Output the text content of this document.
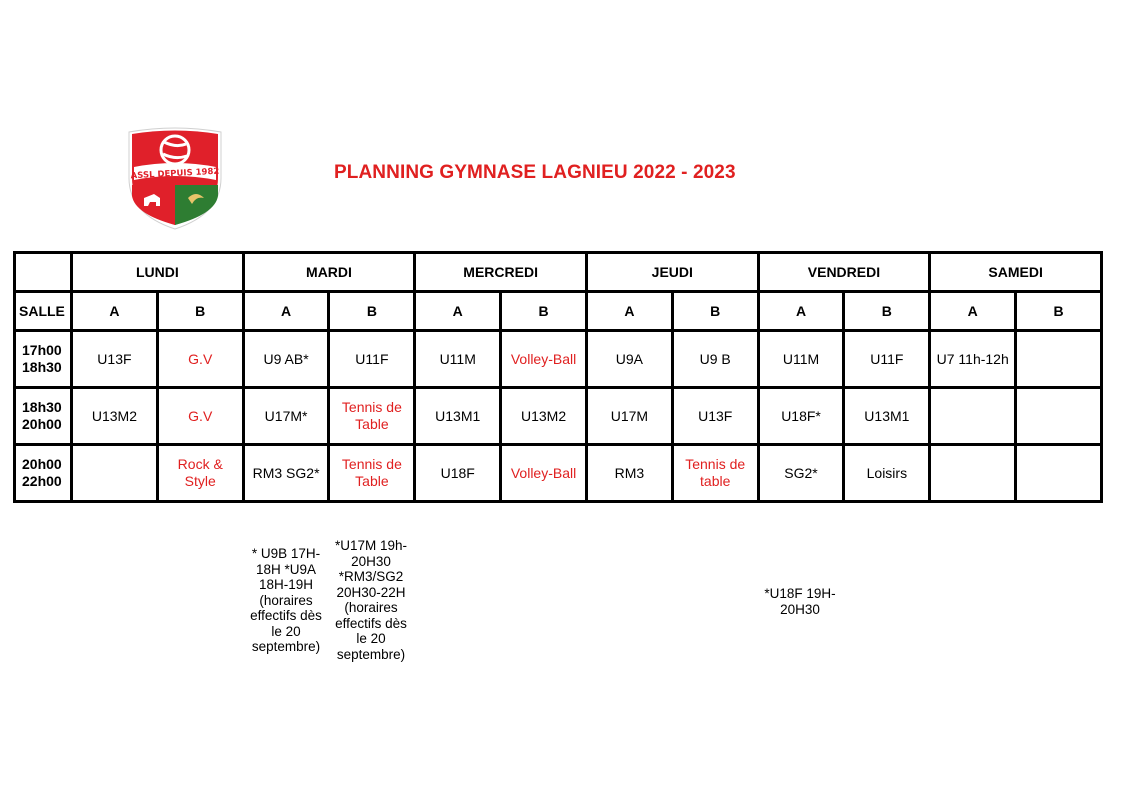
ASSL DEPUIS 1982	PLANNING GYMNASE LAGNIEU 2022 - 2023
	LUNDI		MARDI		MERCREDI		JEUDI		VENDREDI		SAMEDI	
SALLE	A	B	A	B	A	B	A	B	A	B	A	B

17h00
18h30	U13F	G.V	U9 AB*	U11F	U11M	Volley-Ball	U9A	U9 B	U11M	U11F	U7 11h-12h	

18h30
20h00	U13M2	G.V	U17M*	Tennis de Table	U13M1	U13M2	U17M	U13F	U18F*	U13M1		

20h00
22h00		Rock & Style	RM3 SG2*	Tennis de Table	U18F	Volley-Ball	RM3	Tennis de table	SG2*	Loisirs		
* U9B 17H-
18H *U9A
18H-19H
(horaires
effectifs dès
le 20
septembre)
*U17M 19h-
20H30
*RM3/SG2
20H30-22H
(horaires
effectifs dès
le 20
septembre)
*U18F 19H-
20H30
